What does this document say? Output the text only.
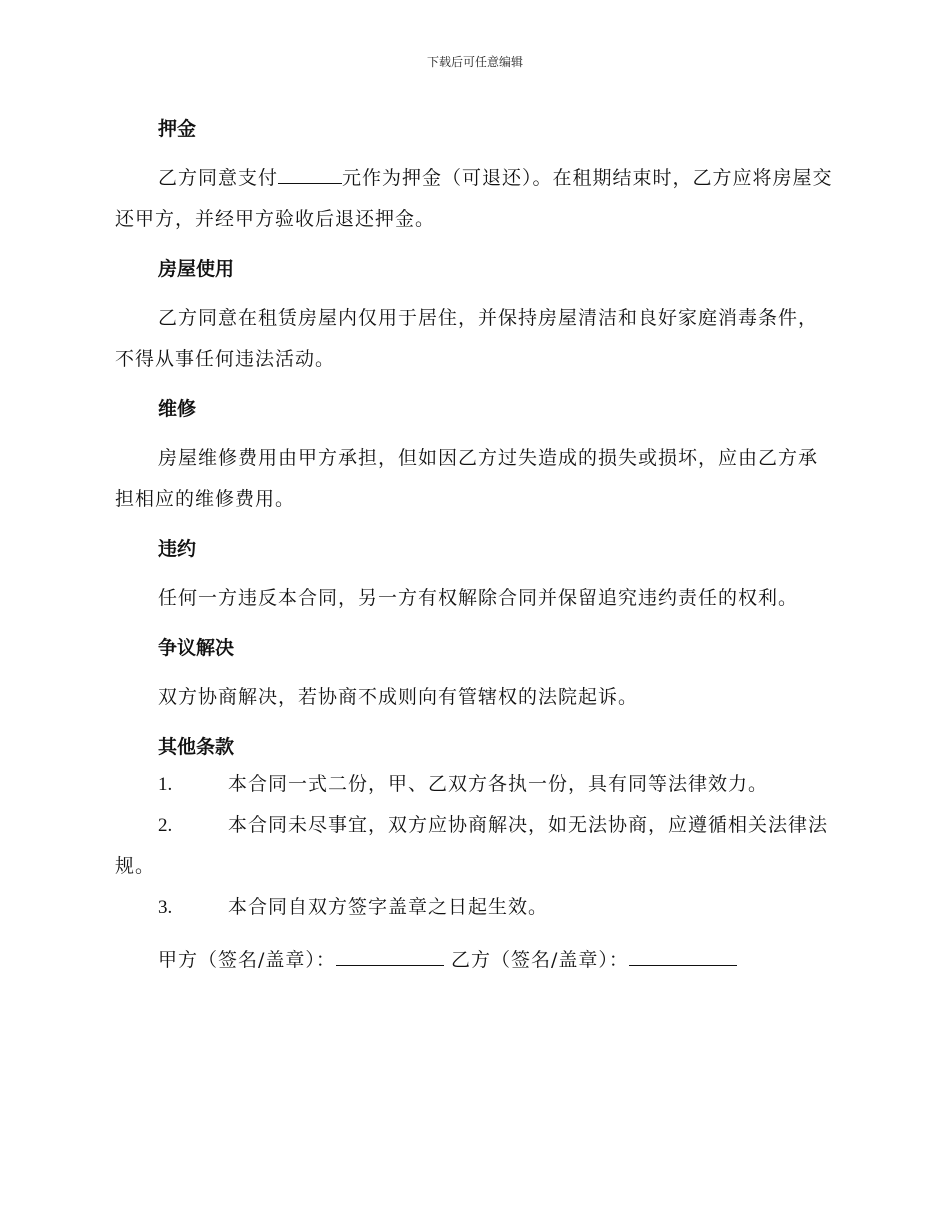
下载后可任意编辑
押金

乙方同意支付	元作为押金（可退还）。在租期结束时，乙方应将房屋交还甲方，并经甲方验收后退还押金。

房屋使用

乙方同意在租赁房屋内仅用于居住，并保持房屋清洁和良好家庭消毒条件，不得从事任何违法活动。

维修

房屋维修费用由甲方承担，但如因乙方过失造成的损失或损坏，应由乙方承担相应的维修费用。

违约

任何一方违反本合同，另一方有权解除合同并保留追究违约责任的权利。

争议解决

双方协商解决，若协商不成则向有管辖权的法院起诉。

其他条款

1.	本合同一式二份，甲、乙双方各执一份，具有同等法律效力。

2.	本合同未尽事宜，双方应协商解决，如无法协商，应遵循相关法律法规。

3.	本合同自双方签字盖章之日起生效。

甲方（签名/盖章）：	乙方（签名/盖章）：
